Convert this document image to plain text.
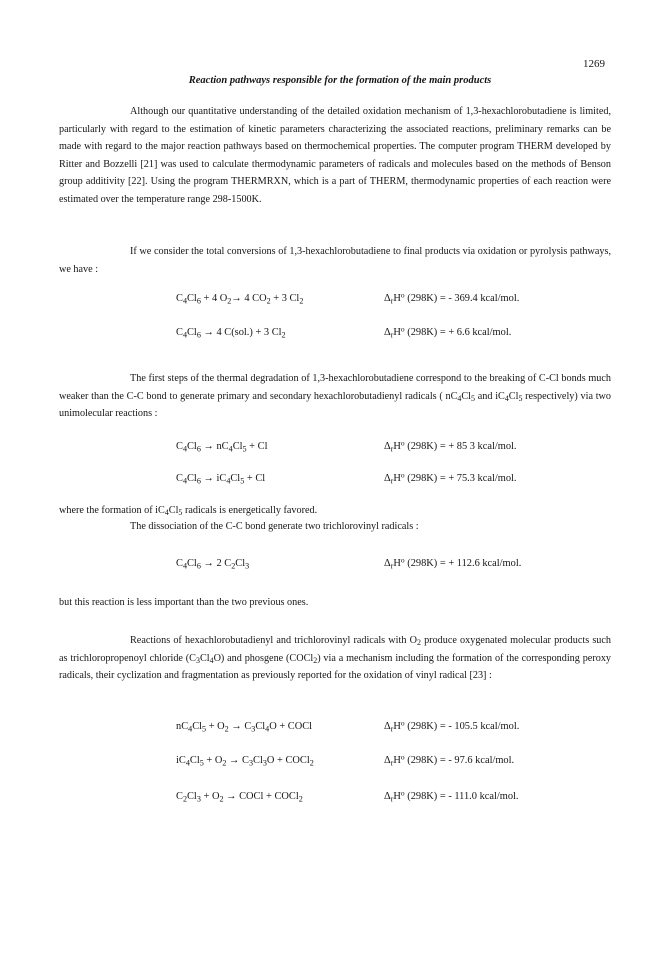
1269
Reaction pathways responsible for the formation of the main products

Although our quantitative understanding of the detailed oxidation mechanism of 1,3-hexachlorobutadiene is limited, particularly with regard to the estimation of kinetic parameters characterizing the associated reactions, preliminary remarks can be made with regard to the major reaction pathways based on thermochemical properties. The computer program THERM developed by Ritter and Bozzelli [21] was used to calculate thermodynamic parameters of radicals and molecules based on the methods of Benson group additivity [22]. Using the program THERMRXN, which is a part of THERM, thermodynamic properties of each reaction were estimated over the temperature range 298-1500K.

If we consider the total conversions of 1,3-hexachlorobutadiene to final products via oxidation or pyrolysis pathways, we have :

$C_4Cl_6 + 4$ $O_2\to 4$ $CO_2 + 3$ $Cl_2$	$\Delta_rH^o$ (298K) = - 369.4 kcal/mol.
$C_4Cl_6 \to 4$ C(sol.) + 3 $Cl_2$	$\Delta_rH^o$ (298K) = + 6.6 kcal/mol.

The first steps of the thermal degradation of 1,3-hexachlorobutadiene correspond to the breaking of C-Cl bonds much weaker than the C-C bond to generate primary and secondary hexachlorobutadienyl radicals ( $nC_4Cl_5$ and $iC_4Cl_5$ respectively) via two unimolecular reactions :

$C_4Cl_6 \to nC_4Cl_5 + Cl$	$\Delta_rH^o$ (298K) = + 85 3 kcal/mol.
$C_4Cl_6 \to iC_4Cl_5 + Cl$	$\Delta_rH^o$ (298K) = + 75.3 kcal/mol.

where the formation of $iC_4Cl_5$ radicals is energetically favored.

The dissociation of the C-C bond generate two trichlorovinyl radicals :

$C_4Cl_6 \to 2$ $C_2Cl_3$	$\Delta_rH^o$ (298K) = + 112.6 kcal/mol.

but this reaction is less important than the two previous ones.

Reactions of hexachlorobutadienyl and trichlorovinyl radicals with $O_2$ produce oxygenated molecular products such as trichloropropenoyl chloride $(C_3Cl_4O)$ and phosgene (COCl$_2$) via a mechanism including the formation of the corresponding peroxy radicals, their cyclization and fragmentation as previously reported for the oxidation of vinyl radical [23] :

$nC_4Cl_5 + O_2 \to C_3Cl_4O$ + COCl	$\Delta_rH^o$ (298K) = - 105.5 kcal/mol.
$iC_4Cl_5 + O_2 \to C_3Cl_3O$ + COCl$_2$	$\Delta_rH^o$ (298K) = - 97.6 kcal/mol.
$C_2Cl_3 + O_2$ → COCl + COCl$_2$	$\Delta_rH^o$ (298K) = - 111.0 kcal/mol.
